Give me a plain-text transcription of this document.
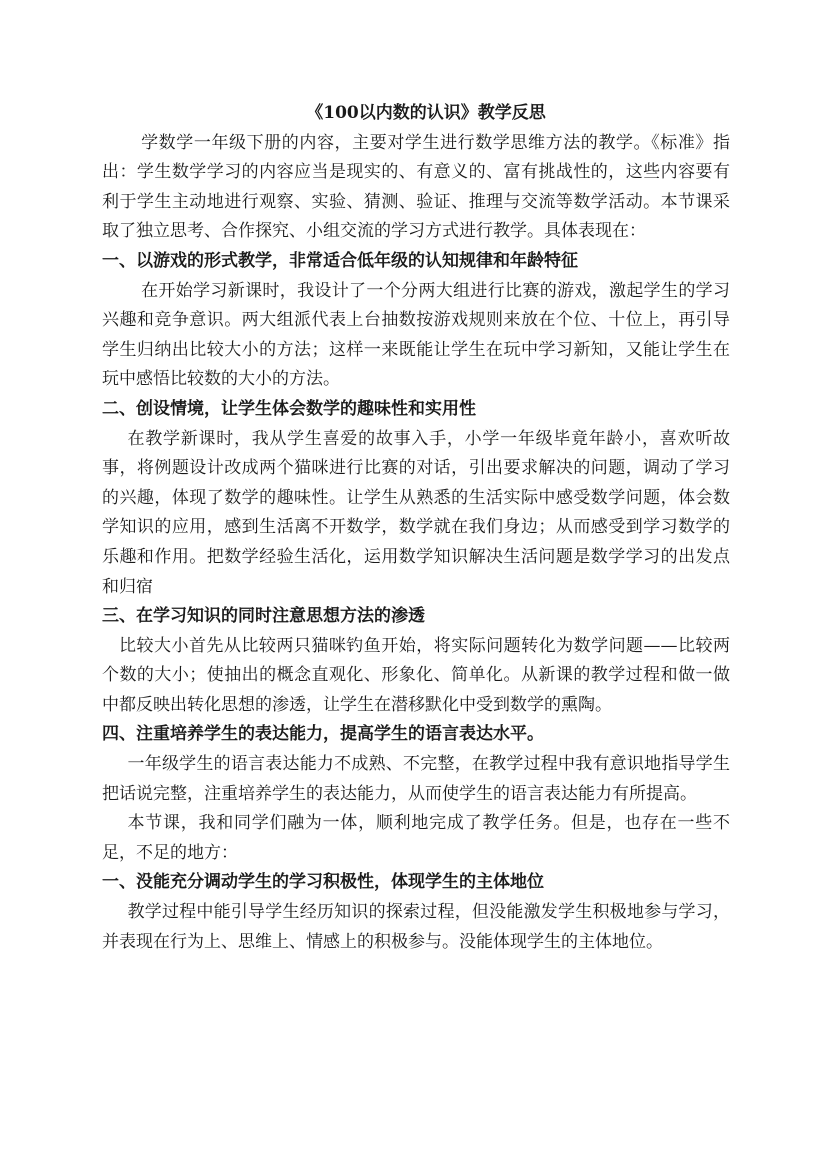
《100以内数的认识》教学反思

学数学一年级下册的内容，主要对学生进行数学思维方法的教学。《标准》指出：学生数学学习的内容应当是现实的、有意义的、富有挑战性的，这些内容要有利于学生主动地进行观察、实验、猜测、验证、推理与交流等数学活动。本节课采取了独立思考、合作探究、小组交流的学习方式进行教学。具体表现在：

一、以游戏的形式教学，非常适合低年级的认知规律和年龄特征

在开始学习新课时，我设计了一个分两大组进行比赛的游戏，激起学生的学习兴趣和竞争意识。两大组派代表上台抽数按游戏规则来放在个位、十位上，再引导学生归纳出比较大小的方法；这样一来既能让学生在玩中学习新知，又能让学生在玩中感悟比较数的大小的方法。

二、创设情境，让学生体会数学的趣味性和实用性

在教学新课时，我从学生喜爱的故事入手，小学一年级毕竟年龄小，喜欢听故事，将例题设计改成两个猫咪进行比赛的对话，引出要求解决的问题，调动了学习的兴趣，体现了数学的趣味性。让学生从熟悉的生活实际中感受数学问题，体会数学知识的应用，感到生活离不开数学，数学就在我们身边；从而感受到学习数学的乐趣和作用。把数学经验生活化，运用数学知识解决生活问题是数学学习的出发点和归宿

三、在学习知识的同时注意思想方法的渗透

比较大小首先从比较两只猫咪钓鱼开始，将实际问题转化为数学问题——比较两个数的大小；使抽出的概念直观化、形象化、简单化。从新课的教学过程和做一做中都反映出转化思想的渗透，让学生在潜移默化中受到数学的熏陶。

四、注重培养学生的表达能力，提高学生的语言表达水平。

一年级学生的语言表达能力不成熟、不完整，在教学过程中我有意识地指导学生把话说完整，注重培养学生的表达能力，从而使学生的语言表达能力有所提高。

本节课，我和同学们融为一体，顺利地完成了教学任务。但是，也存在一些不足，不足的地方：

一、没能充分调动学生的学习积极性，体现学生的主体地位

教学过程中能引导学生经历知识的探索过程，但没能激发学生积极地参与学习，并表现在行为上、思维上、情感上的积极参与。没能体现学生的主体地位。
